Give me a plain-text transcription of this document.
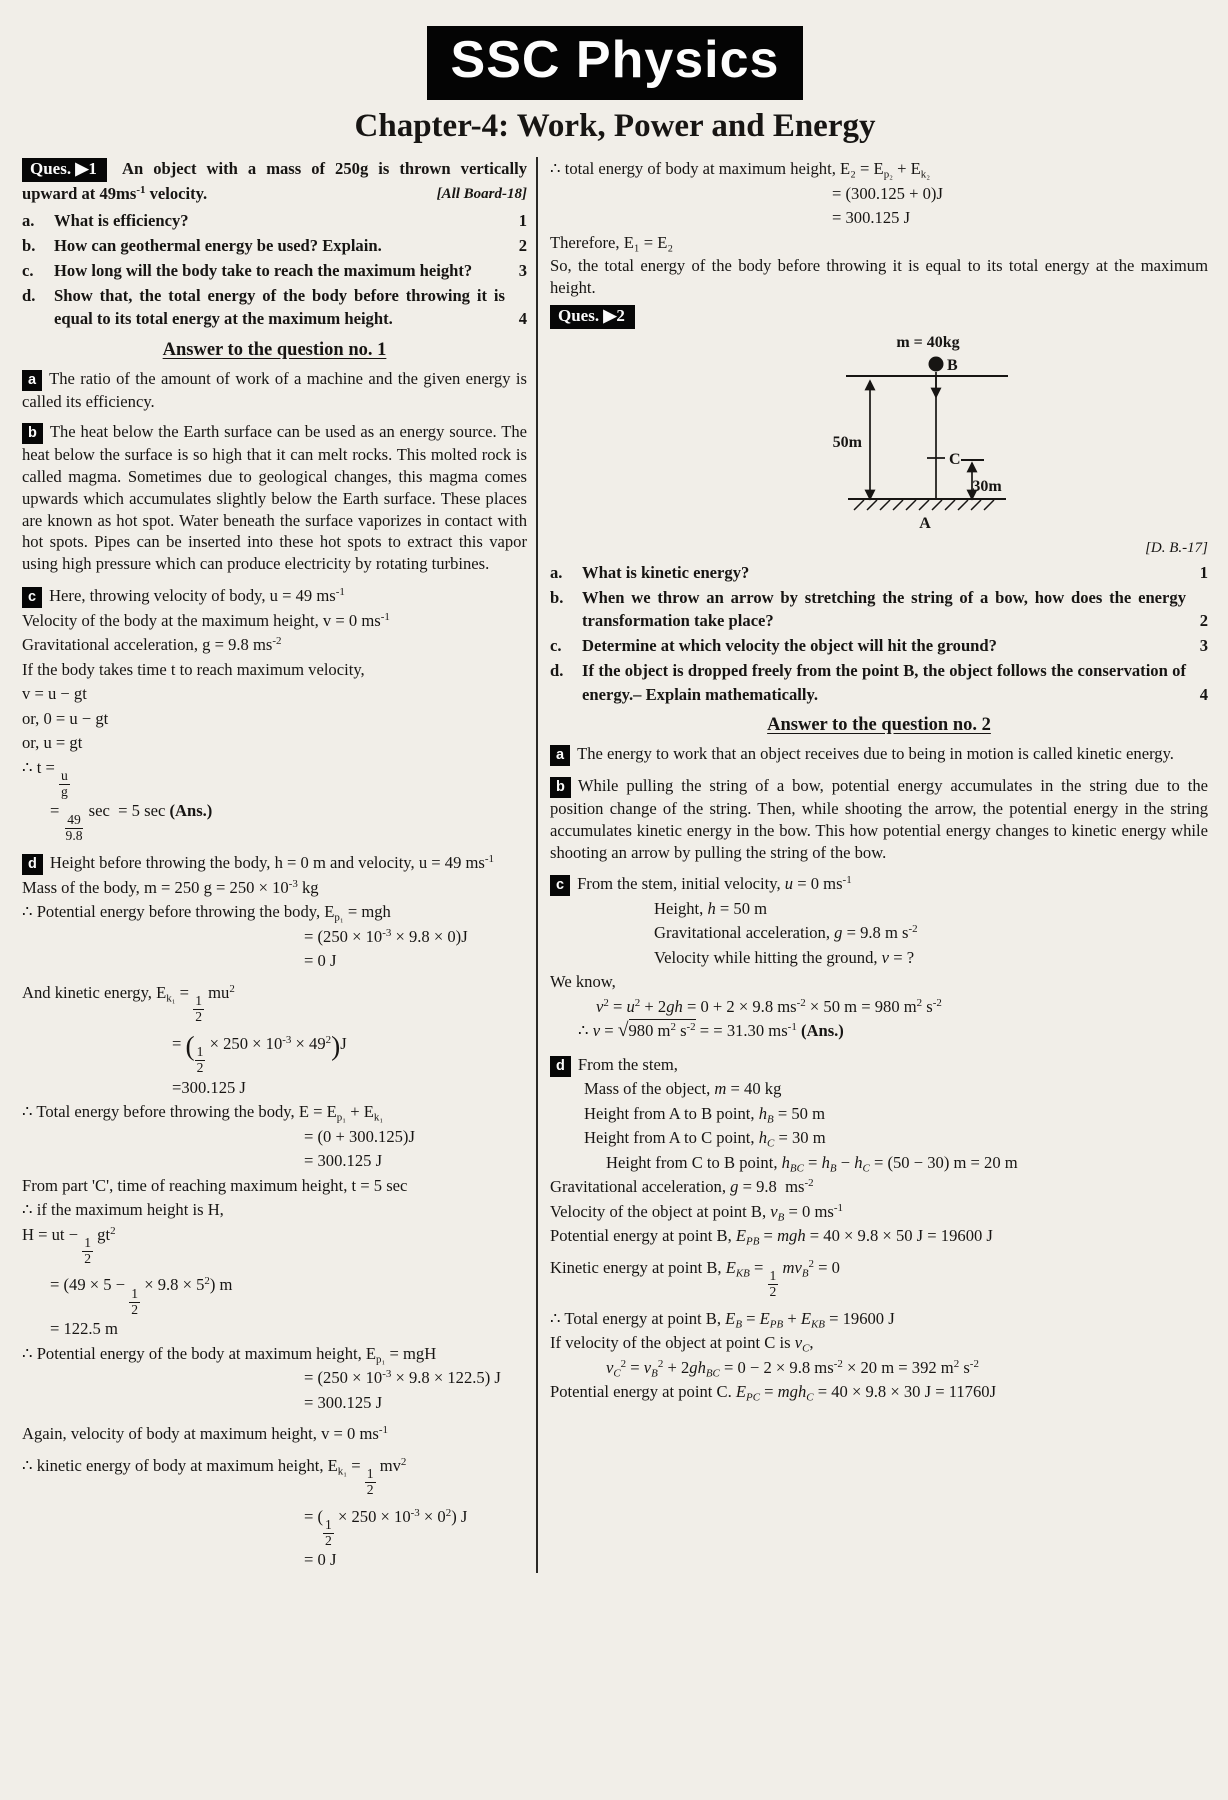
SSC Physics
Chapter-4: Work, Power and Energy

Ques. ▶1 An object with a mass of 250g is thrown vertically upward at $49ms^{-1}$ velocity.	[All Board-18]

a.	What is efficiency?	1
b.	How can geothermal energy be used? Explain.	2
c.	How long will the body take to reach the maximum height?	3
d.	Show that, the total energy of the body before throwing it is equal to its total energy at the maximum height.	4
Answer to the question no. 1

a The ratio of the amount of work of a machine and the given energy is called its efficiency.

b The heat below the Earth surface can be used as an energy source. The heat below the surface is so high that it can melt rocks. This molted rock is called magma. Sometimes due to geological changes, this magma comes upwards which accumulates slightly below the Earth surface. These places are known as hot spot. Water beneath the surface vaporizes in contact with hot spots. Pipes can be inserted into these hot spots to extract this vapor using high pressure which can produce electricity by rotating turbines.

c Here, throwing velocity of body, u = 49 $ms^{-1}$

Velocity of the body at the maximum height, v = 0 $ms^{-1}$

Gravitational acceleration, g = 9.8 $ms^{-2}$

If the body takes time t to reach maximum velocity,

v = u − gt

or, 0 = u − gt

or, u = gt

∴ t =
$\frac{u}{g}$

=
$\frac{49}{9.8}$
sec  = 5 sec (Ans.)

d Height before throwing the body, h = 0 m and velocity, u = 49 $ms^{-1}$

Mass of the body, m = 250 $g = 250 \times 10^{-3}$ kg

∴ Potential energy before throwing the body, $E_{p_1}$ = mgh

= $(250 \times 10^{-3} \times 9.8 \times 0)J$

= 0 J

And kinetic energy, $E_{k_1}$ =
$\frac{1}{2}$
$mu^2$

= ( $\frac{1}{2}$
× $250 \times 10^{-3} \times 49^2)J$

=300.125 J

∴ Total energy before throwing the body, $E = E_{p_1} + E_{k_1}$

= (0 + 300.125)J

= 300.125 J

From part 'C', time of reaching maximum height, t = 5 sec

∴ if the maximum height is H,

H = ut −
$\frac{1}{2}$
$gt^2$

= (49 × 5 −
$\frac{1}{2}$
× $9.8 \times 5^2$) m

= 122.5 m

∴ Potential energy of the body at maximum height, $E_{p_1}$ = mgH

= $(250 \times 10^{-3} \times 9.8 \times 122.5)$ J

= 300.125 J

Again, velocity of body at maximum height, v = 0 $ms^{-1}$

∴ kinetic energy of body at maximum height, $E_{k_1}$ =
$\frac{1}{2}$
$mv^2$

= (
$\frac{1}{2}$
× $250 \times 10^{-3} \times 0^2$) J

= 0 J

∴ total energy of body at maximum height, $E_2 = E_{p_2} + E_{k_2}$

= (300.125 + 0)J

= 300.125 J

Therefore, E₁ = E₂

So, the total energy of the body before throwing it is equal to its total energy at the maximum height.

Ques. ▶2

m = 40kg
B
50m
C
30m
A
[D. B.-17]
a.	What is kinetic energy?	1
b.	When we throw an arrow by stretching the string of a bow, how does the energy transformation take place?	2
c.	Determine at which velocity the object will hit the ground?	3
d.	If the object is dropped freely from the point B, the object follows the conservation of energy.– Explain mathematically.	4
Answer to the question no. 2

a The energy to work that an object receives due to being in motion is called kinetic energy.

b While pulling the string of a bow, potential energy accumulates in the string due to the position change of the string. Then, while shooting the arrow, the potential energy in the string accumulates kinetic energy in the bow. This how potential energy changes to kinetic energy while shooting an arrow by pulling the string of the bow.

c From the stem, initial velocity, u = 0 $ms^{-1}$

Height, h = 50 m

Gravitational acceleration, g = 9.8 m $s^{-2}$

Velocity while hitting the ground, v = ?

We know,

$v^2 = u^2 + 2gh = 0 + 2 \times 9.8$ $ms^{-2} \times 50$ m = 980 $m^2$ $s^{-2}$

∴ v = √980 $m^2$ $s^{-2}$ = = 31.30 $ms^{-1}$ (Ans.)

d From the stem,

Mass of the object, m = 40 kg

Height from A to B point, $h_B = 50$ m

Height from A to C point, $h_C = 30$ m

Height from C to B point, $h_{BC} = h_B - h_C = (50 - 30) m = 20$ m

Gravitational acceleration, g = 9.8  $ms^{-2}$

Velocity of the object at point B, $v_B = 0$ $ms^{-1}$

Potential energy at point B, $E_{PB}$ = mgh = 40 × 9.8 × 50 J = 19600 J

Kinetic energy at point B, $E_{KB}$ =
$\frac{1}{2}$
$mv_B^2 = 0$

∴ Total energy at point B, $E_B = E_{PB} + E_{KB} = 19600$ J

If velocity of the object at point C is $v_C$,

$v_C^2 = v_B^2 + 2gh_{BC} = 0 - 2 \times 9.8$ $ms^{-2} \times 20$ m = 392 $m^2$ $s^{-2}$

Potential energy at point C. $E_{PC} = mgh_C = 40 \times 9.8 \times 30$ J = 11760J
